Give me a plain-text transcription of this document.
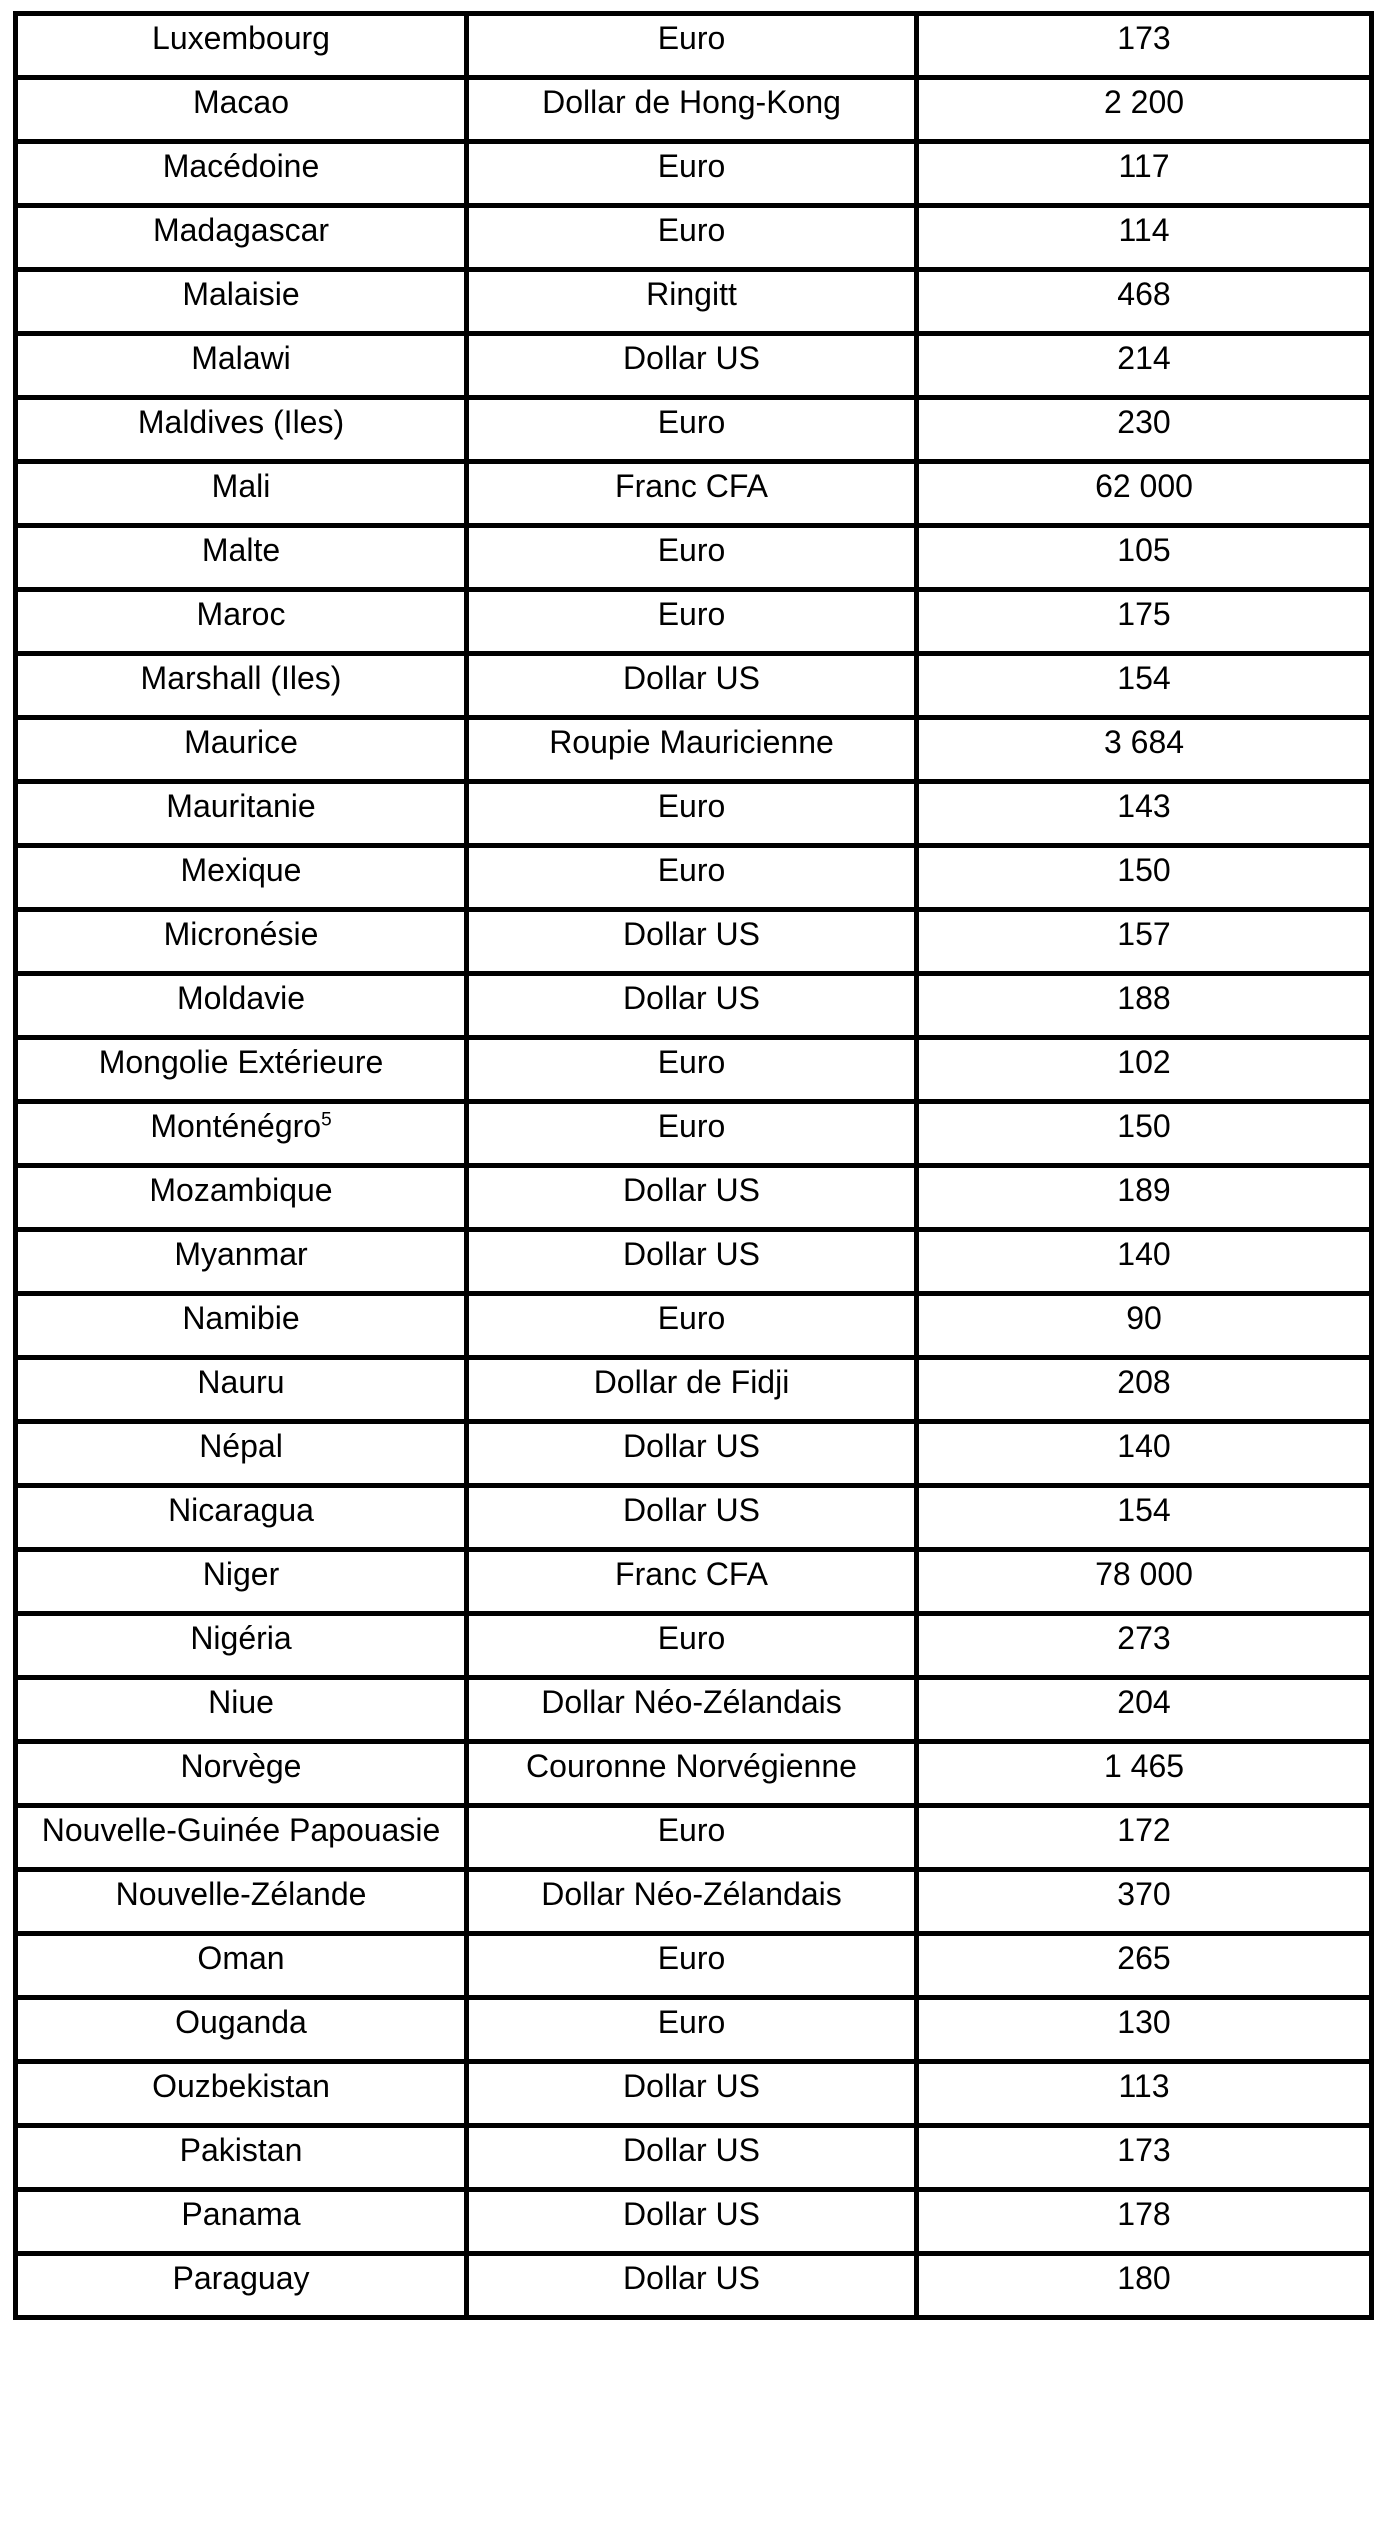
Luxembourg	Euro	173

Macao	Dollar de Hong-Kong	2 200

Macédoine	Euro	117

Madagascar	Euro	114

Malaisie	Ringitt	468

Malawi	Dollar US	214

Maldives (Iles)	Euro	230

Mali	Franc CFA	62 000

Malte	Euro	105

Maroc	Euro	175

Marshall (Iles)	Dollar US	154

Maurice	Roupie Mauricienne	3 684

Mauritanie	Euro	143

Mexique	Euro	150

Micronésie	Dollar US	157

Moldavie	Dollar US	188

Mongolie Extérieure	Euro	102

Monténégro$^5$	Euro	150

Mozambique	Dollar US	189

Myanmar	Dollar US	140

Namibie	Euro	90

Nauru	Dollar de Fidji	208

Népal	Dollar US	140

Nicaragua	Dollar US	154

Niger	Franc CFA	78 000

Nigéria	Euro	273

Niue	Dollar Néo-Zélandais	204

Norvège	Couronne Norvégienne	1 465

Nouvelle-Guinée Papouasie	Euro	172

Nouvelle-Zélande	Dollar Néo-Zélandais	370

Oman	Euro	265

Ouganda	Euro	130

Ouzbekistan	Dollar US	113

Pakistan	Dollar US	173

Panama	Dollar US	178

Paraguay	Dollar US	180
